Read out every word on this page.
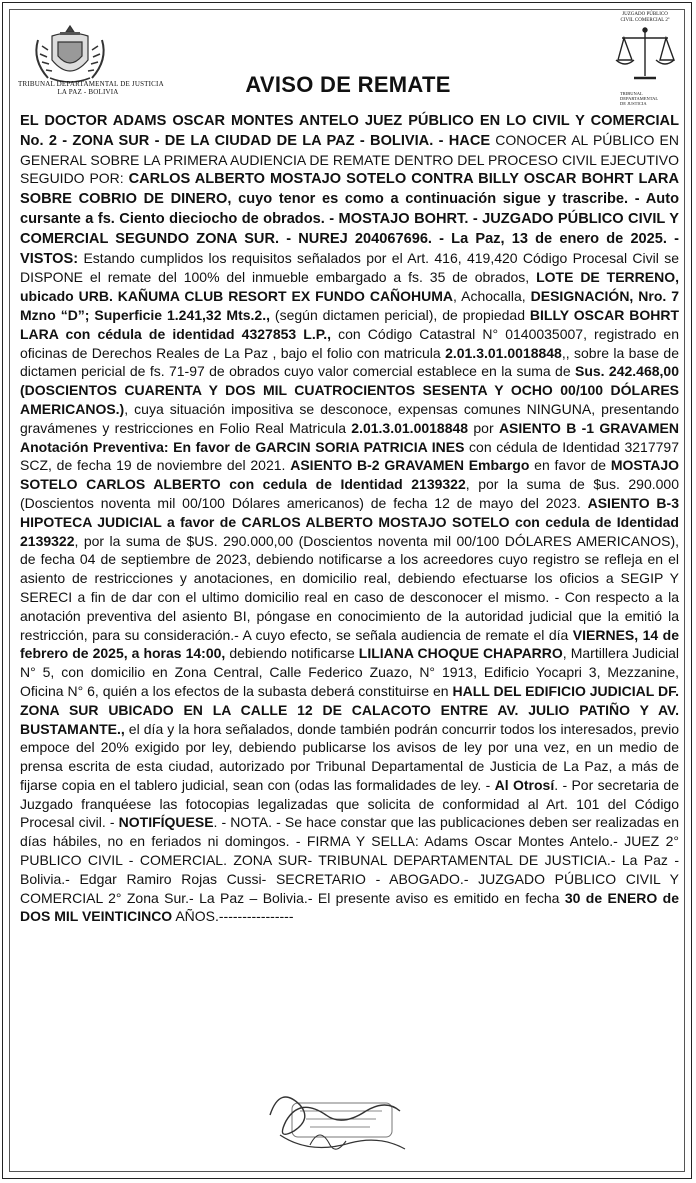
TRIBUNAL DEPARTAMENTAL DE JUSTICIA
LA PAZ - BOLIVIA	AVISO DE REMATE
JUZGADO PÚBLICO
CIVIL COMERCIAL 2º
TRIBUNAL
DEPARTAMENTAL
DE JUSTICIA
EL DOCTOR ADAMS OSCAR MONTES ANTELO JUEZ PÚBLICO EN LO CIVIL Y COMERCIAL No. 2 - ZONA SUR - DE LA CIUDAD DE LA PAZ - BOLIVIA. - HACE CONOCER AL PÚBLICO EN GENERAL SOBRE LA PRIMERA AUDIENCIA DE REMATE DENTRO DEL PROCESO CIVIL EJECUTIVO SEGUIDO POR: CARLOS ALBERTO MOSTAJO SOTELO CONTRA BILLY OSCAR BOHRT LARA SOBRE COBRIO DE DINERO, cuyo tenor es como a continuación sigue y trascribe. - Auto cursante a fs. Ciento dieciocho de obrados. - MOSTAJO BOHRT. - JUZGADO PÚBLICO CIVIL Y COMERCIAL SEGUNDO ZONA SUR. - NUREJ 204067696. - La Paz, 13 de enero de 2025. - VISTOS: Estando cumplidos los requisitos señalados por el Art. 416, 419,420 Código Procesal Civil se DISPONE el remate del 100% del inmueble embargado a fs. 35 de obrados, LOTE DE TERRENO, ubicado URB. KAÑUMA CLUB RESORT EX FUNDO CAÑOHUMA, Achocalla, DESIGNACIÓN, Nro. 7 Mzno “D”; Superficie 1.241,32 Mts.2., (según dictamen pericial), de propiedad BILLY OSCAR BOHRT LARA con cédula de identidad 4327853 L.P., con Código Catastral N° 0140035007, registrado en oficinas de Derechos Reales de La Paz , bajo el folio con matricula 2.01.3.01.0018848,, sobre la base de dictamen pericial de fs. 71-97 de obrados cuyo valor comercial establece en la suma de Sus. 242.468,00 (DOSCIENTOS CUARENTA Y DOS MIL CUATROCIENTOS SESENTA Y OCHO 00/100 DÓLARES AMERICANOS.), cuya situación impositiva se desconoce, expensas comunes NINGUNA, presentando gravámenes y restricciones en Folio Real Matricula 2.01.3.01.0018848 por ASIENTO B -1 GRAVAMEN Anotación Preventiva: En favor de GARCIN SORIA PATRICIA INES con cédula de Identidad 3217797 SCZ, de fecha 19 de noviembre del 2021. ASIENTO B-2 GRAVAMEN Embargo en favor de MOSTAJO SOTELO CARLOS ALBERTO con cedula de Identidad 2139322, por la suma de $us. 290.000 (Doscientos noventa mil 00/100 Dólares americanos) de fecha 12 de mayo del 2023. ASIENTO B-3 HIPOTECA JUDICIAL a favor de CARLOS ALBERTO MOSTAJO SOTELO con cedula de Identidad 2139322, por la suma de $US. 290.000,00 (Doscientos noventa mil 00/100 DÓLARES AMERICANOS), de fecha 04 de septiembre de 2023, debiendo notificarse a los acreedores cuyo registro se refleja en el asiento de restricciones y anotaciones, en domicilio real, debiendo efectuarse los oficios a SEGIP Y SERECI a fin de dar con el ultimo domicilio real en caso de desconocer el mismo. - Con respecto a la anotación preventiva del asiento BI, póngase en conocimiento de la autoridad judicial que la emitió la restricción, para su consideración.- A cuyo efecto, se señala audiencia de remate el día VIERNES, 14 de febrero de 2025, a horas 14:00, debiendo notificarse LILIANA CHOQUE CHAPARRO, Martillera Judicial N° 5, con domicilio en Zona Central, Calle Federico Zuazo, N° 1913, Edificio Yocapri 3, Mezzanine, Oficina N° 6, quién a los efectos de la subasta deberá constituirse en HALL DEL EDIFICIO JUDICIAL DF. ZONA SUR UBICADO EN LA CALLE 12 DE CALACOTO ENTRE AV. JULIO PATIÑO Y AV. BUSTAMANTE., el día y la hora señalados, donde también podrán concurrir todos los interesados, previo empoce del 20% exigido por ley, debiendo publicarse los avisos de ley por una vez, en un medio de prensa escrita de esta ciudad, autorizado por Tribunal Departamental de Justicia de La Paz, a más de fijarse copia en el tablero judicial, sean con (odas las formalidades de ley. - Al Otrosí. - Por secretaria de Juzgado franquéese las fotocopias legalizadas que solicita de conformidad al Art. 101 del Código Procesal civil. - NOTIFÍQUESE. - NOTA. - Se hace constar que las publicaciones deben ser realizadas en días hábiles, no en feriados ni domingos. - FIRMA Y SELLA: Adams Oscar Montes Antelo.- JUEZ 2° PUBLICO CIVIL - COMERCIAL. ZONA SUR- TRIBUNAL DEPARTAMENTAL DE JUSTICIA.- La Paz - Bolivia.- Edgar Ramiro Rojas Cussi- SECRETARIO - ABOGADO.- JUZGADO PÚBLICO CIVIL Y COMERCIAL 2° Zona Sur.- La Paz – Bolivia.- El presente aviso es emitido en fecha 30 de ENERO de DOS MIL VEINTICINCO AÑOS.----------------
